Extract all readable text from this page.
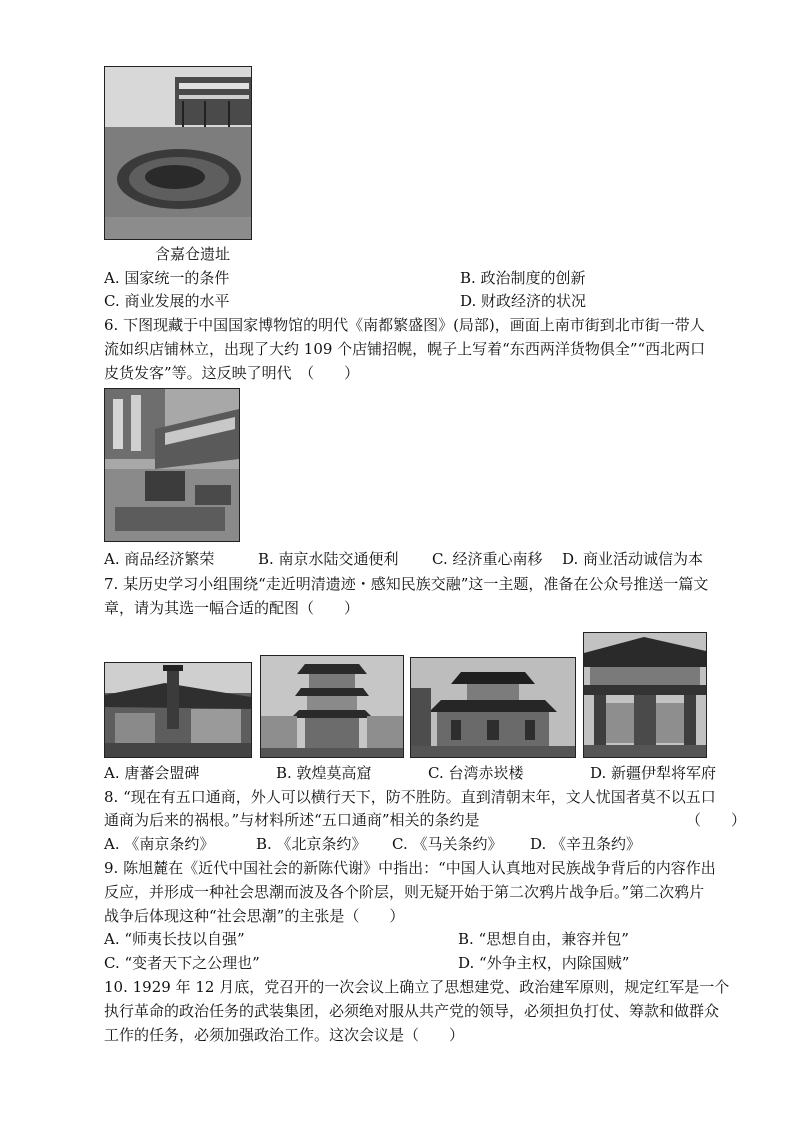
含嘉仓遗址
A. 国家统一的条件	B. 政治制度的创新
C. 商业发展的水平	D. 财政经济的状况
6. 下图现藏于中国国家博物馆的明代《南都繁盛图》(局部)，画面上南市街到北市街一带人
流如织店铺林立，出现了大约 109 个店铺招幌，幌子上写着“东西两洋货物俱全”“西北两口
皮货发客”等。这反映了明代　（　　）
A. 商品经济繁荣	B. 南京水陆交通便利 C. 经济重心南移 D. 商业活动诚信为本
7. 某历史学习小组围绕“走近明清遗迹・感知民族交融”这一主题，准备在公众号推送一篇文
章，请为其选一幅合适的配图（　　）
A. 唐蕃会盟碑	B. 敦煌莫高窟	C. 台湾赤崁楼	D. 新疆伊犁将军府
8. “现在有五口通商，外人可以横行天下，防不胜防。直到清朝末年，文人忧国者莫不以五口
通商为后来的祸根。”与材料所述“五口通商”相关的条约是	（　　）
A. 《南京条约》	B. 《北京条约》 C. 《马关条约》 D. 《辛丑条约》
9. 陈旭麓在《近代中国社会的新陈代谢》中指出：“中国人认真地对民族战争背后的内容作出
反应，并形成一种社会思潮而波及各个阶层，则无疑开始于第二次鸦片战争后。”第二次鸦片
战争后体现这种“社会思潮”的主张是（　　）
A. “师夷长技以自强”	B. “思想自由，兼容并包”
C. “变者天下之公理也”	D. “外争主权，内除国贼”
10. 1929 年 12 月底，党召开的一次会议上确立了思想建党、政治建军原则，规定红军是一个
执行革命的政治任务的武装集团，必须绝对服从共产党的领导，必须担负打仗、筹款和做群众
工作的任务，必须加强政治工作。这次会议是（　　）
